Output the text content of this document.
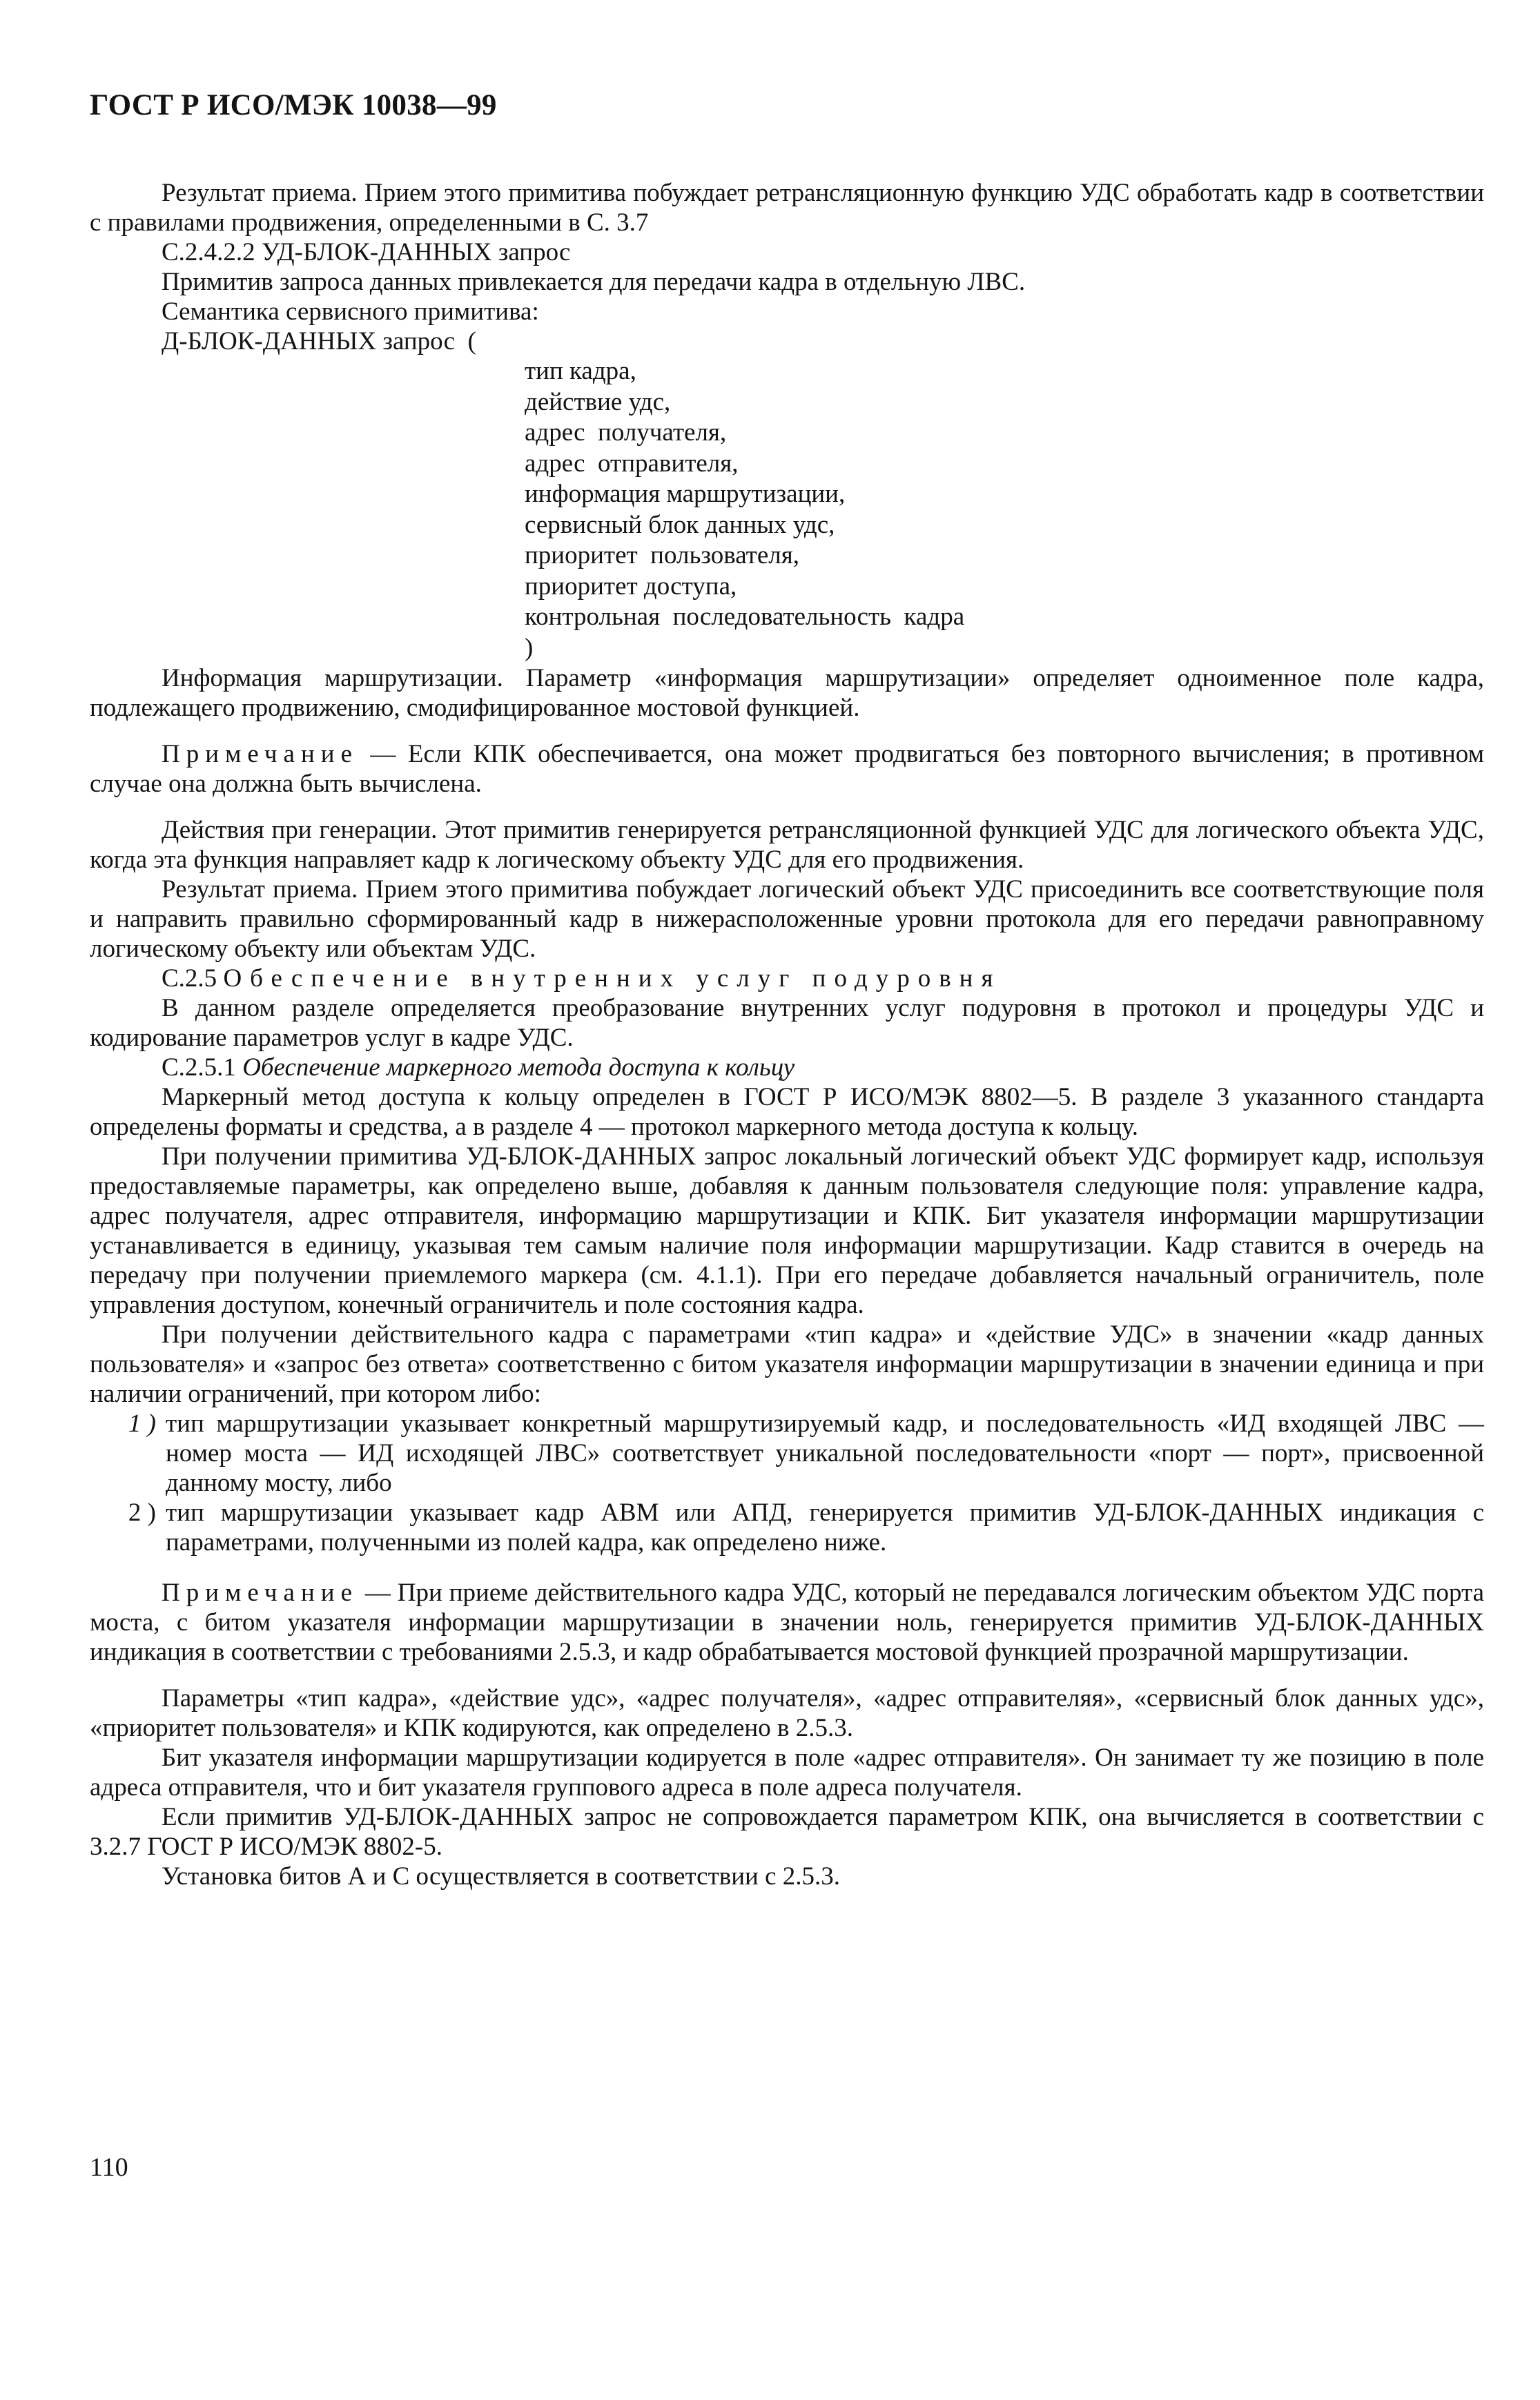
ГОСТ Р ИСО/МЭК 10038—99

Результат приема. Прием этого примитива побуждает ретрансляционную функцию УДС обработать кадр в соответствии с правилами продвижения, определенными в С. 3.7

С.2.4.2.2 УД-БЛОК-ДАННЫХ запрос

Примитив запроса данных привлекается для передачи кадра в отдельную ЛВС.

Семантика сервисного примитива:

Д-БЛОК-ДАННЫХ запрос  (

тип кадра,
действие удс,
адрес  получателя,
адрес  отправителя,
информация маршрутизации,
сервисный блок данных удс,
приоритет  пользователя,
приоритет доступа,
контрольная  последовательность  кадра
)

Информация маршрутизации. Параметр «информация маршрутизации» определяет одноименное поле кадра, подлежащего продвижению, смодифицированное мостовой функцией.

Примечание — Если КПК обеспечивается, она может продвигаться без повторного вычисления; в противном случае она должна быть вычислена.

Действия при генерации. Этот примитив генерируется ретрансляционной функцией УДС для логического объекта УДС, когда эта функция направляет кадр к логическому объекту УДС для его продвижения.

Результат приема. Прием этого примитива побуждает логический объект УДС присоединить все соответствующие поля и направить правильно сформированный кадр в нижерасположенные уровни протокола для его передачи равноправному логическому объекту или объектам УДС.

С.2.5 Обеспечение внутренних услуг подуровня

В данном разделе определяется преобразование внутренних услуг подуровня в протокол и процедуры УДС и кодирование параметров услуг в кадре УДС.

С.2.5.1 Обеспечение маркерного метода доступа к кольцу

Маркерный метод доступа к кольцу определен в ГОСТ Р ИСО/МЭК 8802—5. В разделе 3 указанного стандарта определены форматы и средства, а в разделе 4 — протокол маркерного метода доступа к кольцу.

При получении примитива УД-БЛОК-ДАННЫХ запрос локальный логический объект УДС формирует кадр, используя предоставляемые параметры, как определено выше, добавляя к данным пользователя следующие поля: управление кадра, адрес получателя, адрес отправителя, информацию маршрутизации и КПК. Бит указателя информации маршрутизации устанавливается в единицу, указывая тем самым наличие поля информации маршрутизации. Кадр ставится в очередь на передачу при получении приемлемого маркера (см. 4.1.1). При его передаче добавляется начальный ограничитель, поле управления доступом, конечный ограничитель и поле состояния кадра.

При получении действительного кадра с параметрами «тип кадра» и «действие УДС» в значении «кадр данных пользователя» и «запрос без ответа» соответственно с битом указателя информации маршрутизации в значении единица и при наличии ограничений, при котором либо:

1 ) тип маршрутизации указывает конкретный маршрутизируемый кадр, и последовательность «ИД входящей ЛВС — номер моста — ИД исходящей ЛВС» соответствует уникальной последовательности «порт — порт», присвоенной данному мосту, либо
2 ) тип маршрутизации указывает кадр АВМ или АПД, генерируется примитив УД-БЛОК-ДАННЫХ индикация с параметрами, полученными из полей кадра, как определено ниже.

Примечание — При приеме действительного кадра УДС, который не передавался логическим объектом УДС порта моста, с битом указателя информации маршрутизации в значении ноль, генерируется примитив УД-БЛОК-ДАННЫХ индикация в соответствии с требованиями 2.5.3, и кадр обрабатывается мостовой функцией прозрачной маршрутизации.

Параметры «тип кадра», «действие удс», «адрес получателя», «адрес отправителяя», «сервисный блок данных удс», «приоритет пользователя» и КПК кодируются, как определено в 2.5.3.

Бит указателя информации маршрутизации кодируется в поле «адрес отправителя». Он занимает ту же позицию в поле адреса отправителя, что и бит указателя группового адреса в поле адреса получателя.

Если примитив УД-БЛОК-ДАННЫХ запрос не сопровождается параметром КПК, она вычисляется в соответствии с 3.2.7 ГОСТ Р ИСО/МЭК 8802-5.

Установка битов А и С осуществляется в соответствии с 2.5.3.

110
